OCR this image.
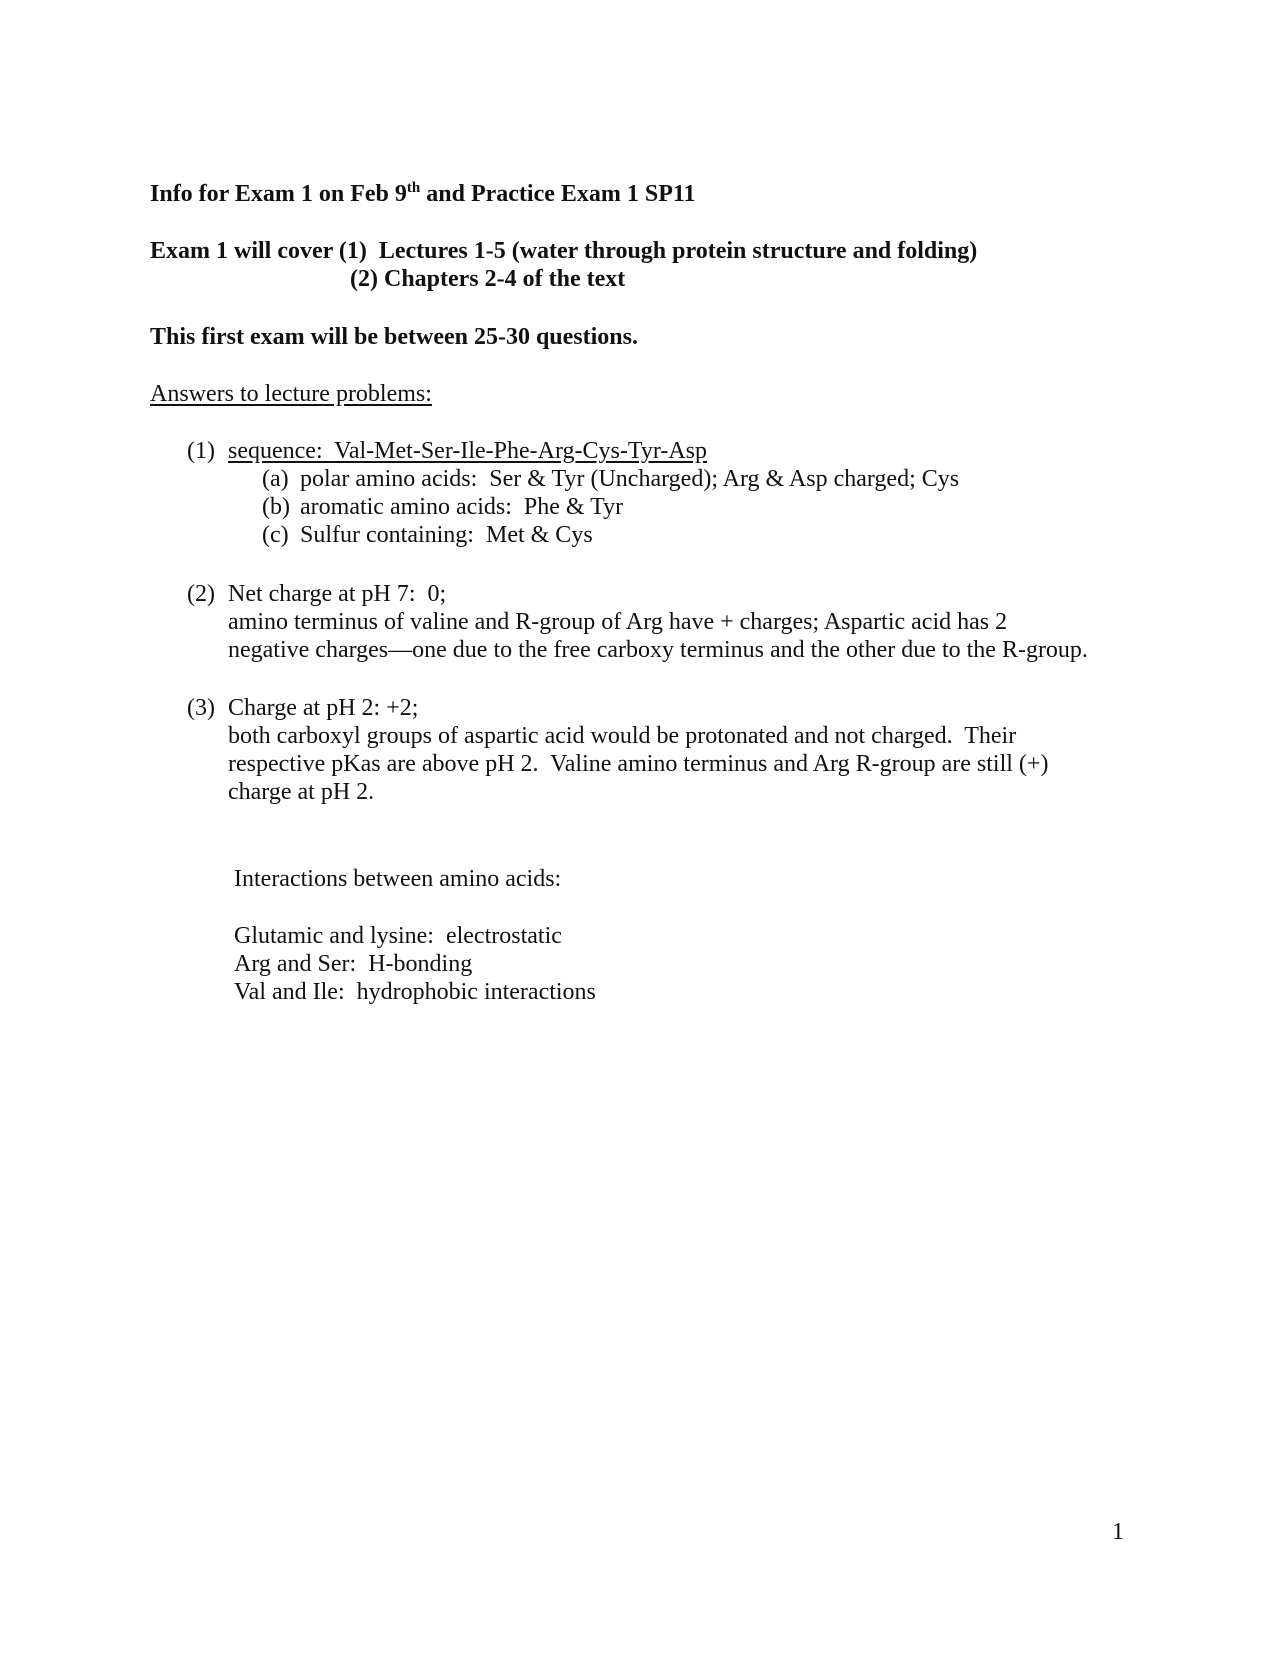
Info for Exam 1 on Feb 9th and Practice Exam 1 SP11
Exam 1 will cover (1)  Lectures 1-5 (water through protein structure and folding)
(2) Chapters 2-4 of the text
This first exam will be between 25-30 questions.
Answers to lecture problems:
(1) sequence:  Val-Met-Ser-Ile-Phe-Arg-Cys-Tyr-Asp
(a) polar amino acids:  Ser & Tyr (Uncharged); Arg & Asp charged; Cys
(b) aromatic amino acids:  Phe & Tyr
(c) Sulfur containing:  Met & Cys
(2) Net charge at pH 7:  0;
amino terminus of valine and R-group of Arg have + charges; Aspartic acid has 2
negative charges—one due to the free carboxy terminus and the other due to the R-group.
(3) Charge at pH 2: +2;
both carboxyl groups of aspartic acid would be protonated and not charged.  Their
respective pKas are above pH 2.  Valine amino terminus and Arg R-group are still (+)
charge at pH 2.
Interactions between amino acids:
Glutamic and lysine:  electrostatic
Arg and Ser:  H-bonding
Val and Ile:  hydrophobic interactions
1
